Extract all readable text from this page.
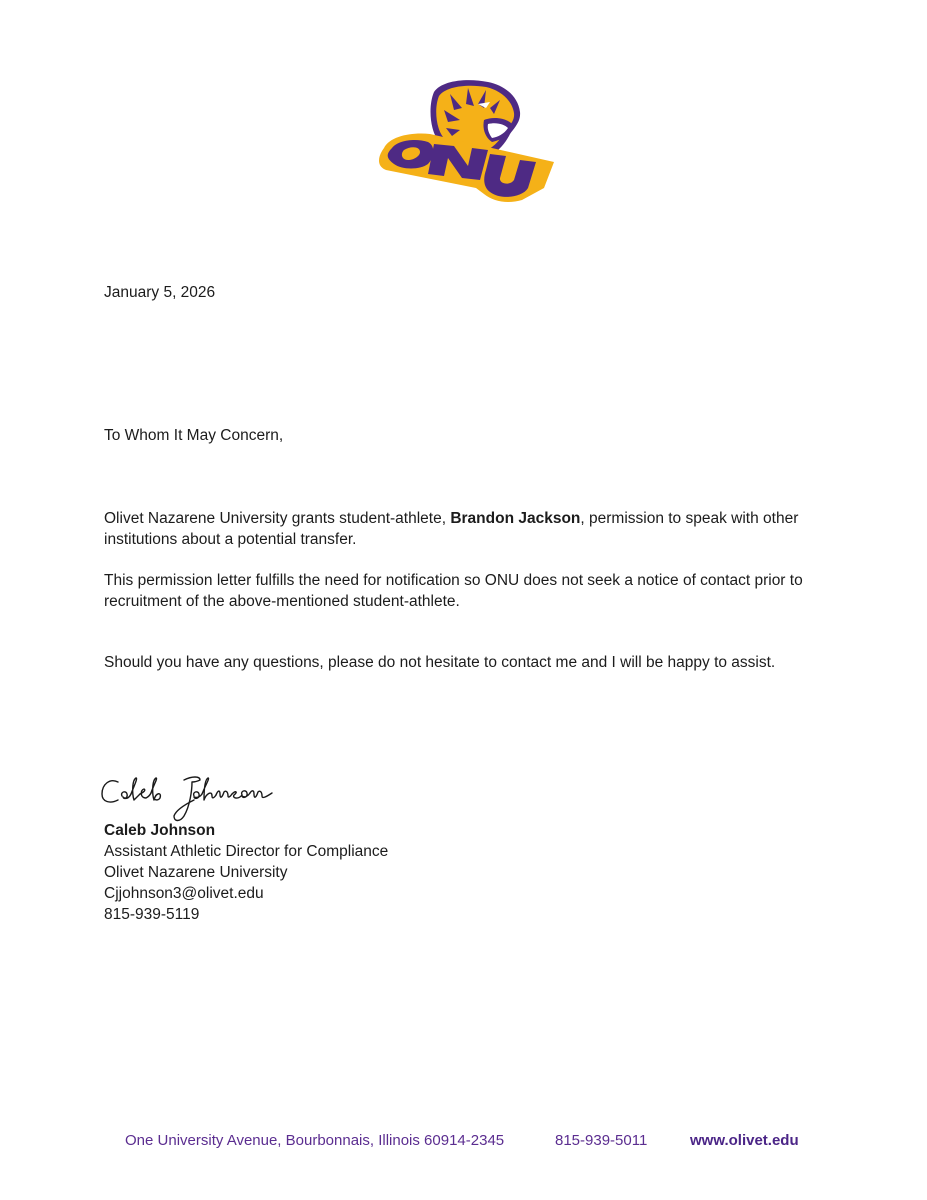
January 5, 2026

To Whom It May Concern,

Olivet Nazarene University grants student-athlete, Brandon Jackson, permission to speak with other institutions about a potential transfer.

This permission letter fulfills the need for notification so ONU does not seek a notice of contact prior to recruitment of the above-mentioned student-athlete.

Should you have any questions, please do not hesitate to contact me and I will be happy to assist.

Caleb Johnson
Assistant Athletic Director for Compliance
Olivet Nazarene University
Cjjohnson3@olivet.edu
815-939-5119
One University Avenue, Bourbonnais, Illinois 60914-2345	815-939-5011	www.olivet.edu
